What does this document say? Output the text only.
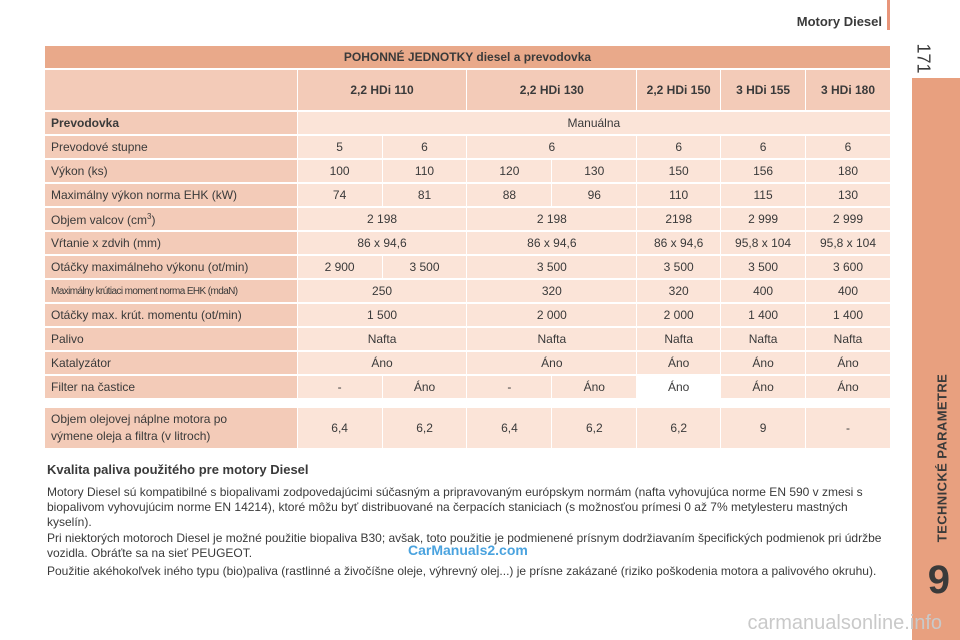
Motory Diesel
171
TECHNICKÉ PARAMETRE
9
POHONNÉ JEDNOTKY diesel a prevodovka							
	2,2 HDi 110		2,2 HDi 130		2,2 HDi 150	3 HDi 155	3 HDi 180
Prevodovka	Manuálna						
Prevodové stupne	5	6	6		6	6	6
Výkon (ks)	100	110	120	130	150	156	180
Maximálny výkon norma EHK (kW)	74	81	88	96	110	115	130
Objem valcov $(cm^3)$	2 198		2 198		2198	2 999	2 999
Vŕtanie x zdvih (mm)	86 x 94,6		86 x 94,6		86 x 94,6	95,8 x 104	95,8 x 104
Otáčky maximálneho výkonu (ot/min)	2 900	3 500	3 500		3 500	3 500	3 600
Maximálny krútiaci moment norma EHK (mdaN)	250		320		320	400	400
Otáčky max. krút. momentu (ot/min)	1 500		2 000		2 000	1 400	1 400
Palivo	Nafta		Nafta		Nafta	Nafta	Nafta
Katalyzátor	Áno		Áno		Áno	Áno	Áno
Filter na častice	-	Áno	-	Áno	Áno	Áno	Áno
Objem olejovej náplne motora po
výmene oleja a filtra (v litroch)	6,4	6,2	6,4	6,2	6,2	9	-
Kvalita paliva použitého pre motory Diesel
Motory Diesel sú kompatibilné s biopalivami zodpovedajúcimi súčasným a pripravovaným európskym normám (nafta vyhovujúca norme EN 590 v zmesi s biopalivom vyhovujúcim norme EN 14214), ktoré môžu byť distribuované na čerpacích staniciach (s možnosťou prímesi 0 až 7% metylesteru mastných kyselín).
Pri niektorých motoroch Diesel je možné použitie biopaliva B30; avšak, toto použitie je podmienené prísnym dodržiavaním špecifických podmienok pri údržbe vozidla. Obráťte sa na sieť PEUGEOT.
Použitie akéhokoľvek iného typu (bio)paliva (rastlinné a živočíšne oleje, výhrevný olej...) je prísne zakázané (riziko poškodenia motora a palivového okruhu).
CarManuals2.com
carmanualsonline.info
